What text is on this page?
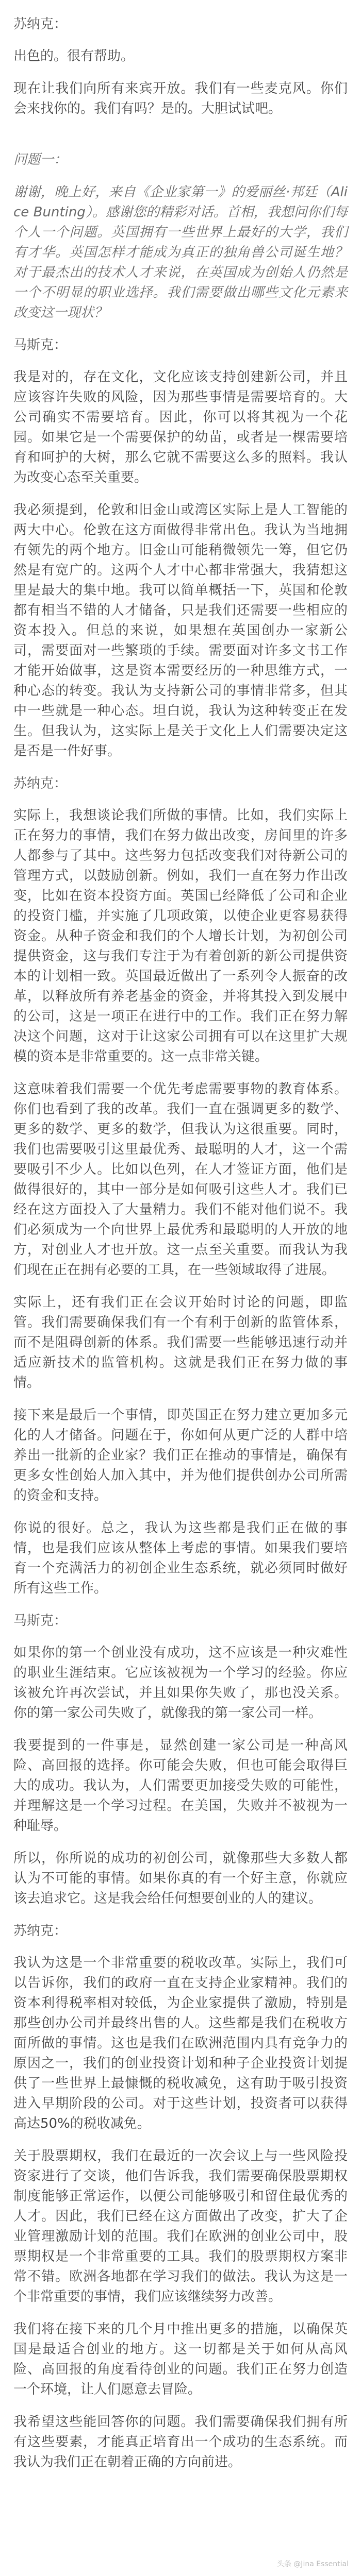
苏纳克：
出色的。很有帮助。
现在让我们向所有来宾开放。我们有一些麦克风。你们会来找你的。我们有吗？是的。大胆试试吧。
问题一：
谢谢，晚上好，来自《企业家第一》的爱丽丝·邦廷（Alice Bunting）。感谢您的精彩对话。首相，我想问你们每个人一个问题。英国拥有一些世界上最好的大学，我们有才华。英国怎样才能成为真正的独角兽公司诞生地？对于最杰出的技术人才来说，在英国成为创始人仍然是一个不明显的职业选择。我们需要做出哪些文化元素来改变这一现状？
马斯克：
我是对的，存在文化，文化应该支持创建新公司，并且应该容许失败的风险，因为那些事情是需要培育的。大公司确实不需要培育。因此，你可以将其视为一个花园。如果它是一个需要保护的幼苗，或者是一棵需要培育和呵护的大树，那么它就不需要这么多的照料。我认为改变心态至关重要。
我必须提到，伦敦和旧金山或湾区实际上是人工智能的两大中心。伦敦在这方面做得非常出色。我认为当地拥有领先的两个地方。旧金山可能稍微领先一筹，但它仍然是有宽广的。这两个人才中心都非常强大，我猜想这里是最大的集中地。我可以简单概括一下，英国和伦敦都有相当不错的人才储备，只是我们还需要一些相应的资本投入。但总的来说，如果想在英国创办一家新公司，需要面对一些繁琐的手续。需要面对许多文书工作才能开始做事，这是资本需要经历的一种思维方式，一种心态的转变。我认为支持新公司的事情非常多，但其中一些就是一种心态。坦白说，我认为这种转变正在发生。但我认为，这实际上是关于文化上人们需要决定这是否是一件好事。
苏纳克：
实际上，我想谈论我们所做的事情。比如，我们实际上正在努力的事情，我们在努力做出改变，房间里的许多人都参与了其中。这些努力包括改变我们对待新公司的管理方式，以鼓励创新。例如，我们一直在努力作出改变，比如在资本投资方面。英国已经降低了公司和企业的投资门槛，并实施了几项政策，以使企业更容易获得资金。从种子资金和我们的个人增长计划，为初创公司提供资金，这与我们专注于为有着创新的新公司提供资本的计划相一致。英国最近做出了一系列令人振奋的改革，以释放所有养老基金的资金，并将其投入到发展中的公司，这是一项正在进行中的工作。我们正在努力解决这个问题，这对于让这家公司拥有可以在这里扩大规模的资本是非常重要的。这一点非常关键。
这意味着我们需要一个优先考虑需要事物的教育体系。你们也看到了我的改革。我们一直在强调更多的数学、更多的数学、更多的数学，但我认为这很重要。同时，我们也需要吸引这里最优秀、最聪明的人才，这一个需要吸引不少人。比如以色列，在人才签证方面，他们是做得很好的，其中一部分是如何吸引这些人才。我们已经在这方面投入了大量精力。我们不能对他们说不。我们必须成为一个向世界上最优秀和最聪明的人开放的地方，对创业人才也开放。这一点至关重要。而我认为我们现在正在拥有必要的工具，在一些领域取得了进展。
实际上，还有我们正在会议开始时讨论的问题，即监管。我们需要确保我们有一个有利于创新的监管体系，而不是阻碍创新的体系。我们需要一些能够迅速行动并适应新技术的监管机构。这就是我们正在努力做的事情。
接下来是最后一个事情，即英国正在努力建立更加多元化的人才储备。问题在于，你如何从更广泛的人群中培养出一批新的企业家？我们正在推动的事情是，确保有更多女性创始人加入其中，并为他们提供创办公司所需的资金和支持。
你说的很好。总之，我认为这些都是我们正在做的事情，也是我们应该从整体上考虑的事情。如果我们要培育一个充满活力的初创企业生态系统，就必须同时做好所有这些工作。
马斯克：
如果你的第一个创业没有成功，这不应该是一种灾难性的职业生涯结束。它应该被视为一个学习的经验。你应该被允许再次尝试，并且如果你失败了，那也没关系。你的第一家公司失败了，就像我的第一家公司一样。
我要提到的一件事是，显然创建一家公司是一种高风险、高回报的选择。你可能会失败，但也可能会取得巨大的成功。我认为，人们需要更加接受失败的可能性，并理解这是一个学习过程。在美国，失败并不被视为一种耻辱。
所以，你所说的成功的初创公司，就像那些大多数人都认为不可能的事情。如果你真的有一个好主意，你就应该去追求它。这是我会给任何想要创业的人的建议。
苏纳克：
我认为这是一个非常重要的税收改革。实际上，我们可以告诉你，我们的政府一直在支持企业家精神。我们的资本利得税率相对较低，为企业家提供了激励，特别是那些创办公司并最终出售的人。这些都是我们在税收方面所做的事情。这也是我们在欧洲范围内具有竞争力的原因之一，我们的创业投资计划和种子企业投资计划提供了一些世界上最慷慨的税收减免，这有助于吸引投资进入早期阶段的公司。对于这些计划，投资者可以获得高达50%的税收减免。
关于股票期权，我们在最近的一次会议上与一些风险投资家进行了交谈，他们告诉我，我们需要确保股票期权制度能够正常运作，以便公司能够吸引和留住最优秀的人才。因此，我们已经在这方面做出了改变，扩大了企业管理激励计划的范围。我们在欧洲的创业公司中，股票期权是一个非常重要的工具。我们的股票期权方案非常不错。欧洲各地都在学习我们的做法。我认为这是一个非常重要的事情，我们应该继续努力改善。
我们将在接下来的几个月中推出更多的措施，以确保英国是最适合创业的地方。这一切都是关于如何从高风险、高回报的角度看待创业的问题。我们正在努力创造一个环境，让人们愿意去冒险。
我希望这些能回答你的问题。我们需要确保我们拥有所有这些要素，才能真正培育出一个成功的生态系统。而我认为我们正在朝着正确的方向前进。
头条 @Jina Essential
